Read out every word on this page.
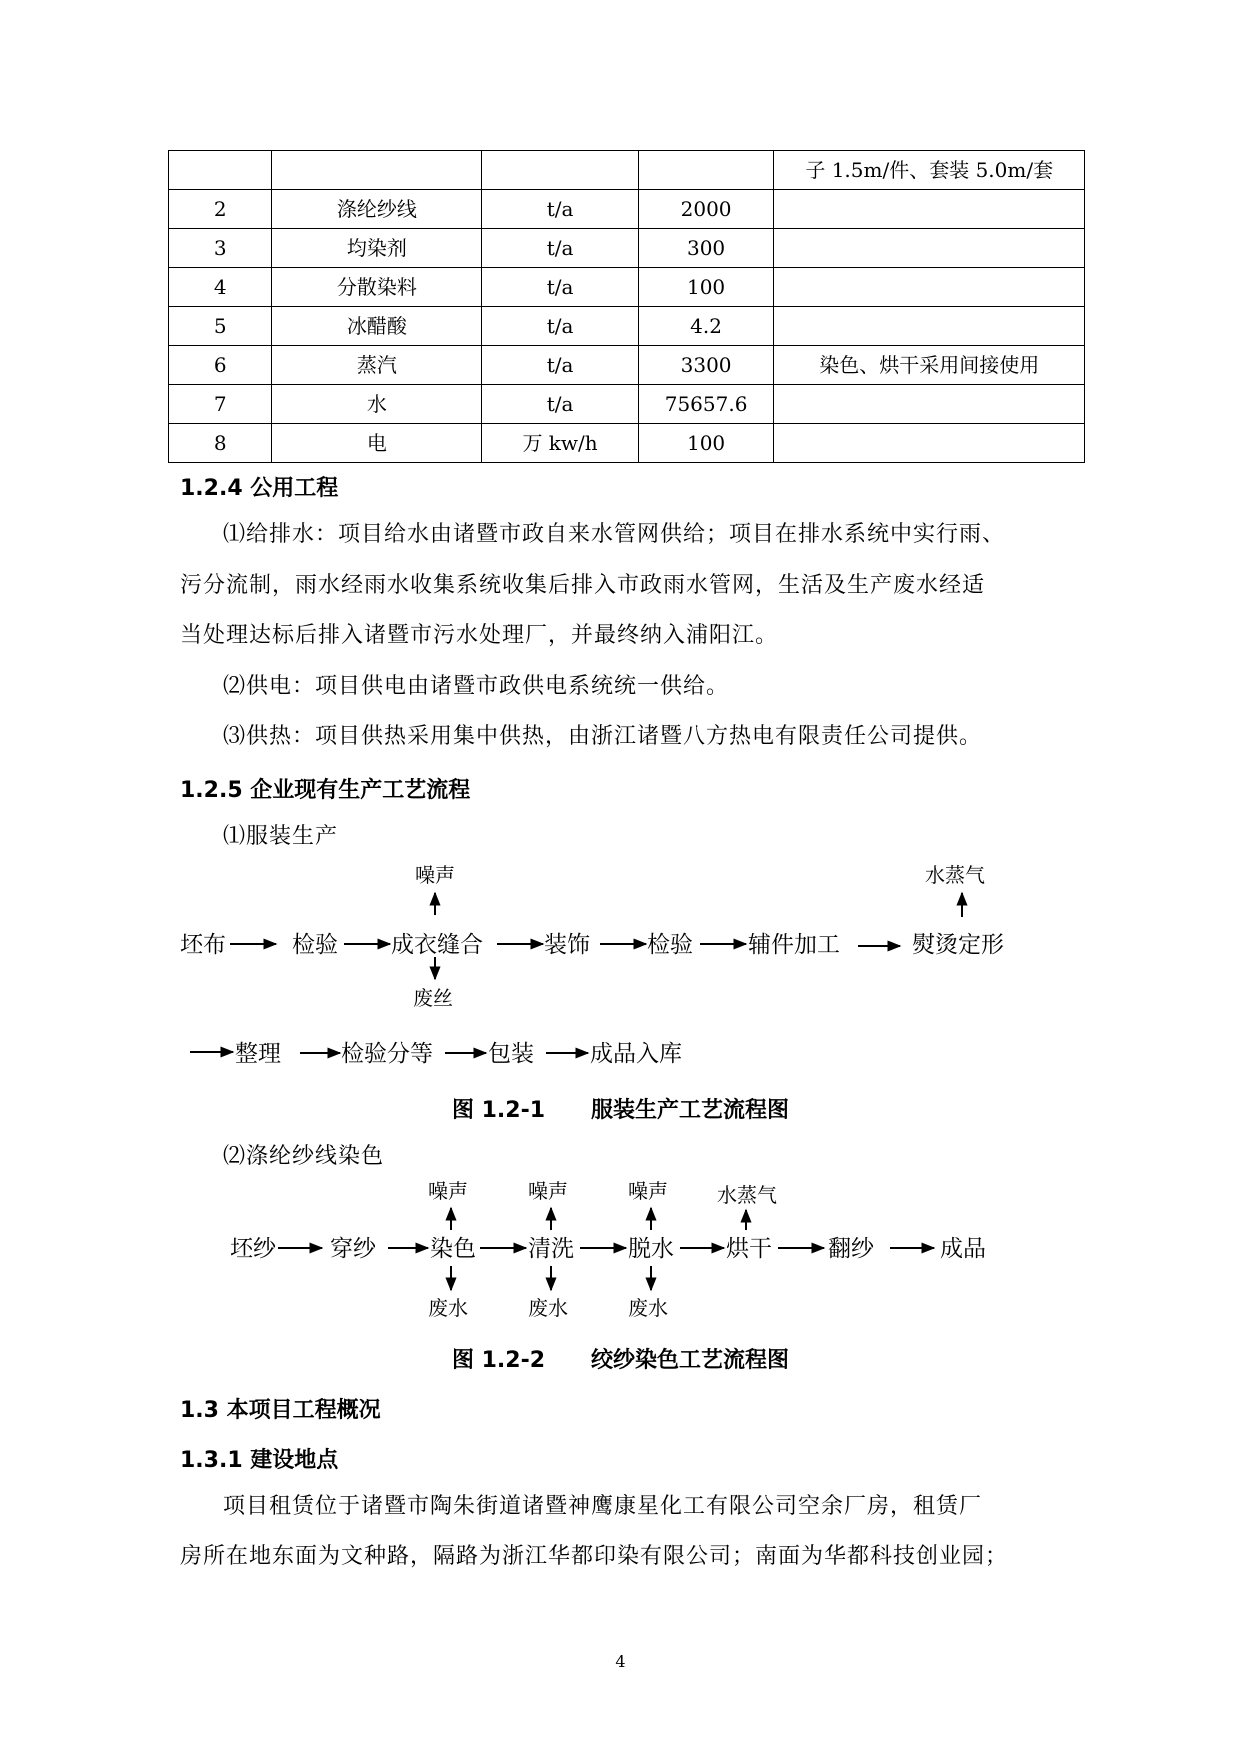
				子 1.5m/件、套装 5.0m/套
2	涤纶纱线	t/a	2000	
3	均染剂	t/a	300	
4	分散染料	t/a	100	
5	冰醋酸	t/a	4.2	
6	蒸汽	t/a	3300	染色、烘干采用间接使用
7	水	t/a	75657.6	
8	电	万 kw/h	100	
1.2.4 公用工程
⑴给排水：项目给水由诸暨市政自来水管网供给；项目在排水系统中实行雨、
污分流制，雨水经雨水收集系统收集后排入市政雨水管网，生活及生产废水经适
当处理达标后排入诸暨市污水处理厂，并最终纳入浦阳江。
⑵供电：项目供电由诸暨市政供电系统统一供给。
⑶供热：项目供热采用集中供热，由浙江诸暨八方热电有限责任公司提供。
1.2.5 企业现有生产工艺流程
⑴服装生产
噪声	水蒸气
废丝
坯布	检验 成衣缝合	装饰 检验 辅件加工	熨烫定形
整理	检验分等 包装 成品入库
图 1.2-1 服装生产工艺流程图
⑵涤纶纱线染色
噪声	噪声	噪声 水蒸气
坯纱 穿纱 染色 清洗 脱水 烘干 翻纱	成品
废水	废水	废水
图 1.2-2 绞纱染色工艺流程图
1.3 本项目工程概况
1.3.1 建设地点
项目租赁位于诸暨市陶朱街道诸暨神鹰康星化工有限公司空余厂房，租赁厂
房所在地东面为文种路，隔路为浙江华都印染有限公司；南面为华都科技创业园；
4
